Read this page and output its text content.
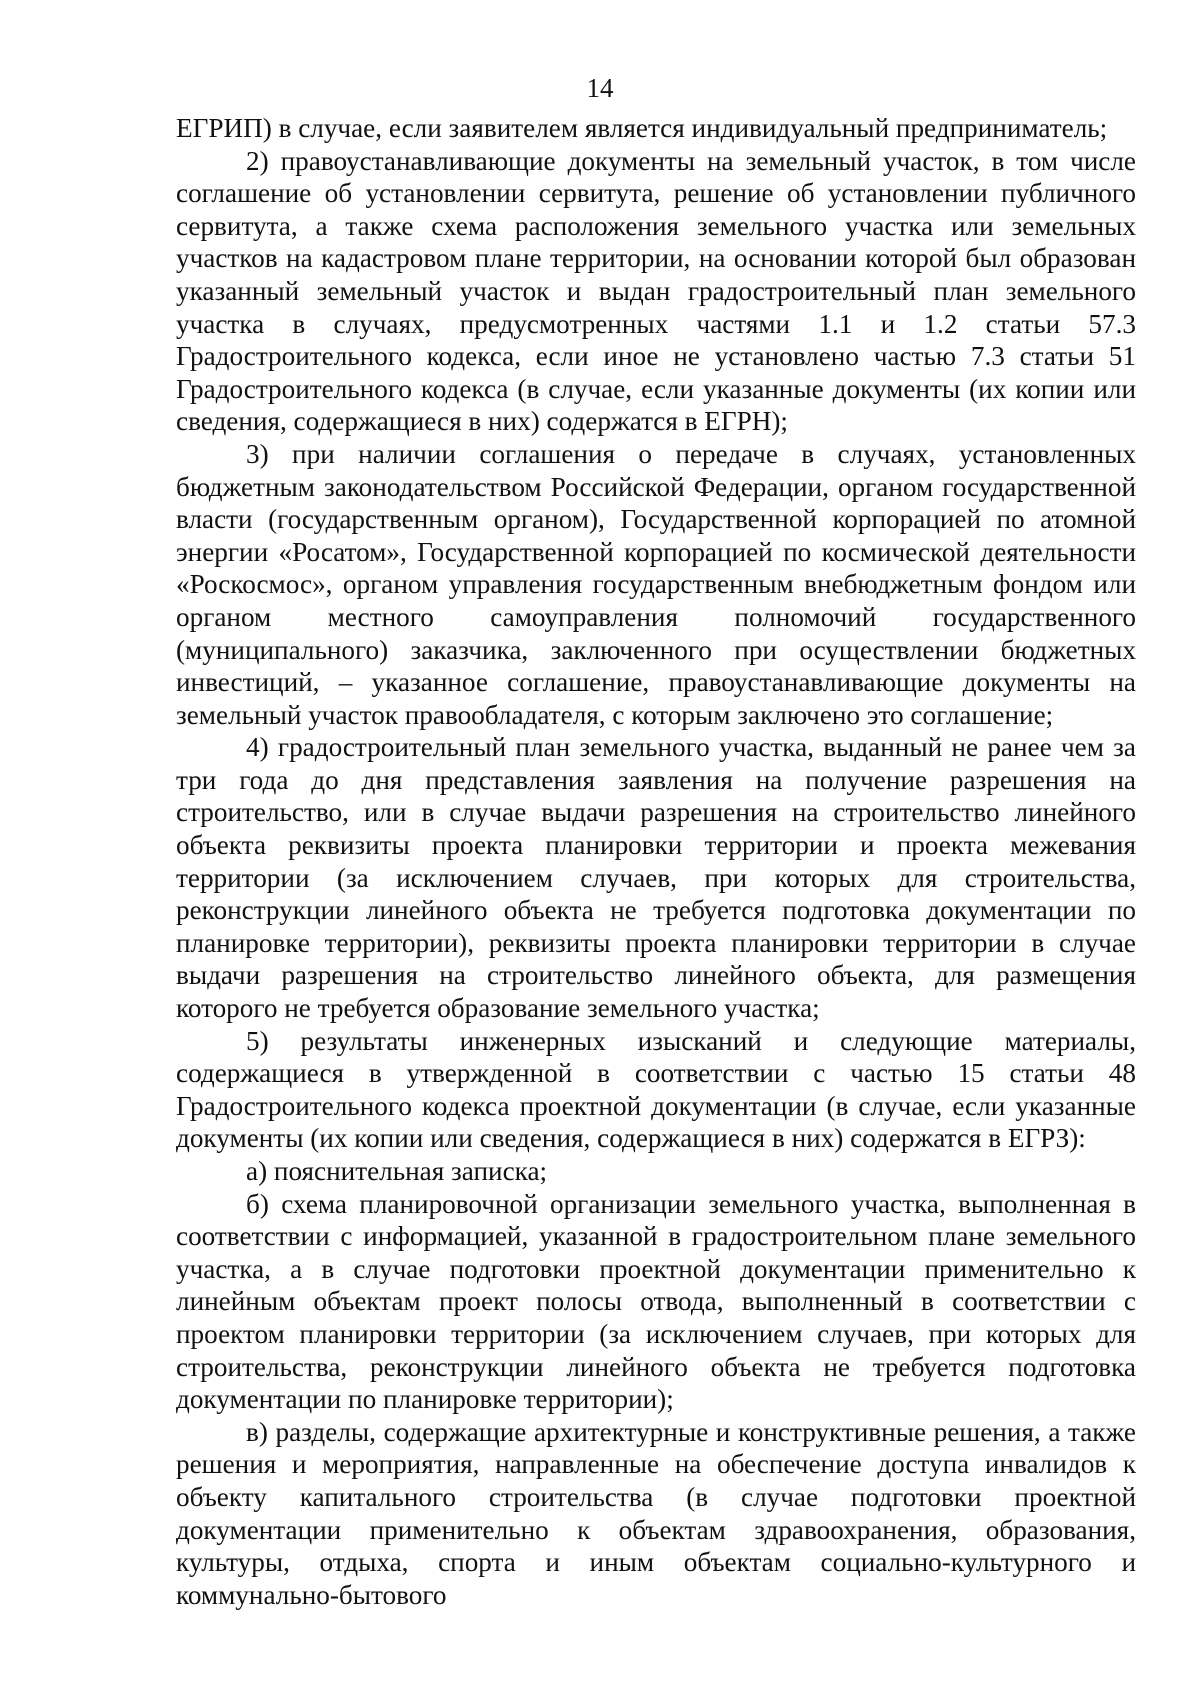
14

ЕГРИП) в случае, если заявителем является индивидуальный предприниматель;

2) правоустанавливающие документы на земельный участок, в том числе соглашение об установлении сервитута, решение об установлении публичного сервитута, а также схема расположения земельного участка или земельных участков на кадастровом плане территории, на основании которой был образован указанный земельный участок и выдан градостроительный план земельного участка в случаях, предусмотренных частями 1.1 и 1.2 статьи 57.3 Градостроительного кодекса, если иное не установлено частью 7.3 статьи 51 Градостроительного кодекса (в случае, если указанные документы (их копии или сведения, содержащиеся в них) содержатся в ЕГРН);

3) при наличии соглашения о передаче в случаях, установленных бюджетным законодательством Российской Федерации, органом государственной власти (государственным органом), Государственной корпорацией по атомной энергии «Росатом», Государственной корпорацией по космической деятельности «Роскосмос», органом управления государственным внебюджетным фондом или органом местного самоуправления полномочий государственного (муниципального) заказчика, заключенного при осуществлении бюджетных инвестиций, – указанное соглашение, правоустанавливающие документы на земельный участок правообладателя, с которым заключено это соглашение;

4) градостроительный план земельного участка, выданный не ранее чем за три года до дня представления заявления на получение разрешения на строительство, или в случае выдачи разрешения на строительство линейного объекта реквизиты проекта планировки территории и проекта межевания территории (за исключением случаев, при которых для строительства, реконструкции линейного объекта не требуется подготовка документации по планировке территории), реквизиты проекта планировки территории в случае выдачи разрешения на строительство линейного объекта, для размещения которого не требуется образование земельного участка;

5) результаты инженерных изысканий и следующие материалы, содержащиеся в утвержденной в соответствии с частью 15 статьи 48 Градостроительного кодекса проектной документации (в случае, если указанные документы (их копии или сведения, содержащиеся в них) содержатся в ЕГРЗ):

а) пояснительная записка;

б) схема планировочной организации земельного участка, выполненная в соответствии с информацией, указанной в градостроительном плане земельного участка, а в случае подготовки проектной документации применительно к линейным объектам проект полосы отвода, выполненный в соответствии с проектом планировки территории (за исключением случаев, при которых для строительства, реконструкции линейного объекта не требуется подготовка документации по планировке территории);

в) разделы, содержащие архитектурные и конструктивные решения, а также решения и мероприятия, направленные на обеспечение доступа инвалидов к объекту капитального строительства (в случае подготовки проектной документации применительно к объектам здравоохранения, образования, культуры, отдыха, спорта и иным объектам социально-культурного и коммунально-бытового
